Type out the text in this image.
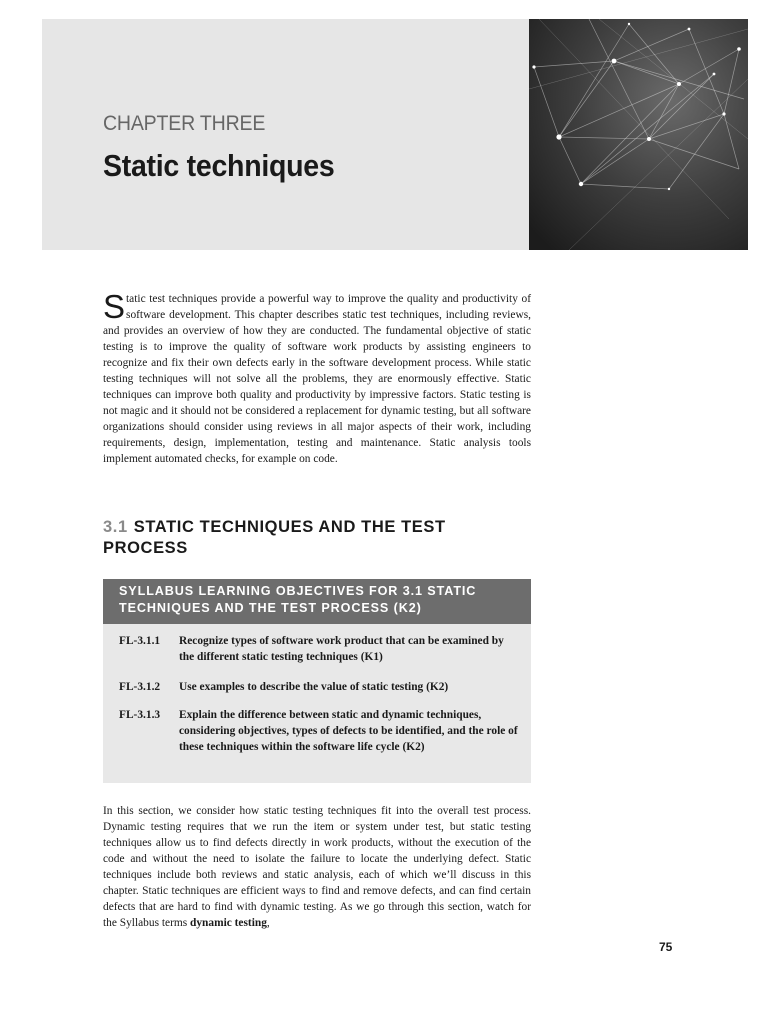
CHAPTER THREE
Static techniques

Static test techniques provide a powerful way to improve the quality and productivity of software development. This chapter describes static test techniques, including reviews, and provides an overview of how they are conducted. The fundamental objective of static testing is to improve the quality of software work products by assisting engineers to recognize and fix their own defects early in the software development process. While static testing techniques will not solve all the problems, they are enormously effective. Static techniques can improve both quality and productivity by impressive factors. Static testing is not magic and it should not be considered a replacement for dynamic testing, but all software organizations should consider using reviews in all major aspects of their work, including requirements, design, implementation, testing and maintenance. Static analysis tools implement automated checks, for example on code.

3.1 STATIC TECHNIQUES AND THE TEST PROCESS
SYLLABUS LEARNING OBJECTIVES FOR 3.1 STATIC TECHNIQUES AND THE TEST PROCESS (K2)
FL-3.1.1	Recognize types of software work product that can be examined by the different static testing techniques (K1)
FL-3.1.2	Use examples to describe the value of static testing (K2)
FL-3.1.3	Explain the difference between static and dynamic techniques, considering objectives, types of defects to be identified, and the role of these techniques within the software life cycle (K2)

In this section, we consider how static testing techniques fit into the overall test process. Dynamic testing requires that we run the item or system under test, but static testing techniques allow us to find defects directly in work products, without the execution of the code and without the need to isolate the failure to locate the underlying defect. Static techniques include both reviews and static analysis, each of which we’ll discuss in this chapter. Static techniques are efficient ways to find and remove defects, and can find certain defects that are hard to find with dynamic testing. As we go through this section, watch for the Syllabus terms dynamic testing,

75
